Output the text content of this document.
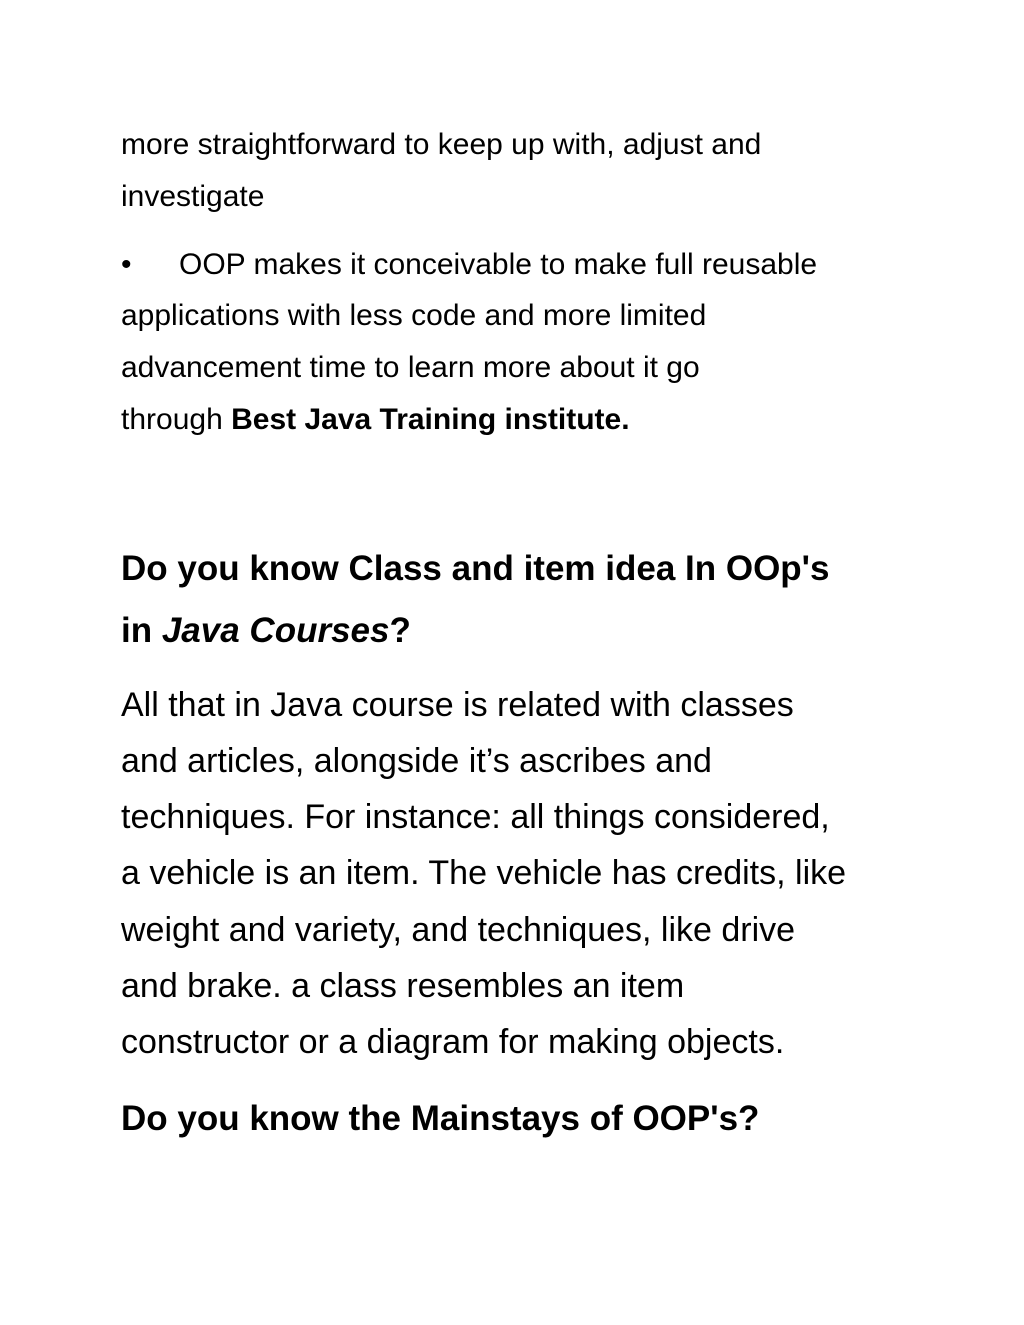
more straightforward to keep up with, adjust and
investigate
• OOP makes it conceivable to make full reusable
applications with less code and more limited
advancement time to learn more about it go
through Best Java Training institute.
Do you know Class and item idea In OOp's
in Java Courses?
All that in Java course is related with classes
and articles, alongside it’s ascribes and
techniques. For instance: all things considered,
a vehicle is an item. The vehicle has credits, like
weight and variety, and techniques, like drive
and brake. a class resembles an item
constructor or a diagram for making objects.
Do you know the Mainstays of OOP's?
